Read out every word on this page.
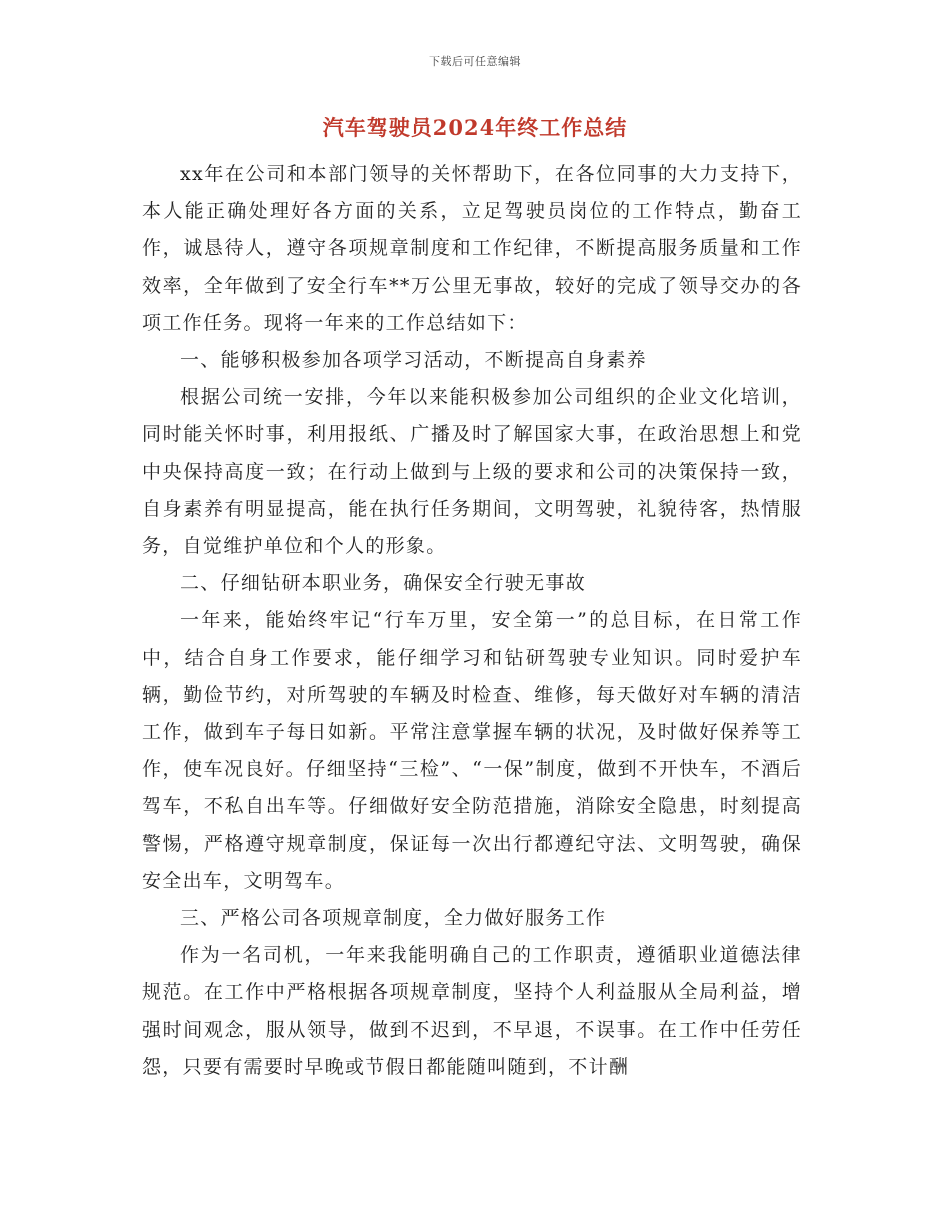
下载后可任意编辑
汽车驾驶员2024年终工作总结

xx年在公司和本部门领导的关怀帮助下，在各位同事的大力支持下，本人能正确处理好各方面的关系，立足驾驶员岗位的工作特点，勤奋工作，诚恳待人，遵守各项规章制度和工作纪律，不断提高服务质量和工作效率，全年做到了安全行车**万公里无事故，较好的完成了领导交办的各项工作任务。现将一年来的工作总结如下：

一、能够积极参加各项学习活动，不断提高自身素养

根据公司统一安排，今年以来能积极参加公司组织的企业文化培训，同时能关怀时事，利用报纸、广播及时了解国家大事，在政治思想上和党中央保持高度一致；在行动上做到与上级的要求和公司的决策保持一致，自身素养有明显提高，能在执行任务期间，文明驾驶，礼貌待客，热情服务，自觉维护单位和个人的形象。

二、仔细钻研本职业务，确保安全行驶无事故

一年来，能始终牢记“行车万里，安全第一”的总目标，在日常工作中，结合自身工作要求，能仔细学习和钻研驾驶专业知识。同时爱护车辆，勤俭节约，对所驾驶的车辆及时检查、维修，每天做好对车辆的清洁工作，做到车子每日如新。平常注意掌握车辆的状况，及时做好保养等工作，使车况良好。仔细坚持“三检”、“一保”制度，做到不开快车，不酒后驾车，不私自出车等。仔细做好安全防范措施，消除安全隐患，时刻提高警惕，严格遵守规章制度，保证每一次出行都遵纪守法、文明驾驶，确保安全出车，文明驾车。

三、严格公司各项规章制度，全力做好服务工作

作为一名司机，一年来我能明确自己的工作职责，遵循职业道德法律规范。在工作中严格根据各项规章制度，坚持个人利益服从全局利益，增强时间观念，服从领导，做到不迟到，不早退，不误事。在工作中任劳任怨，只要有需要时早晚或节假日都能随叫随到，不计酬
